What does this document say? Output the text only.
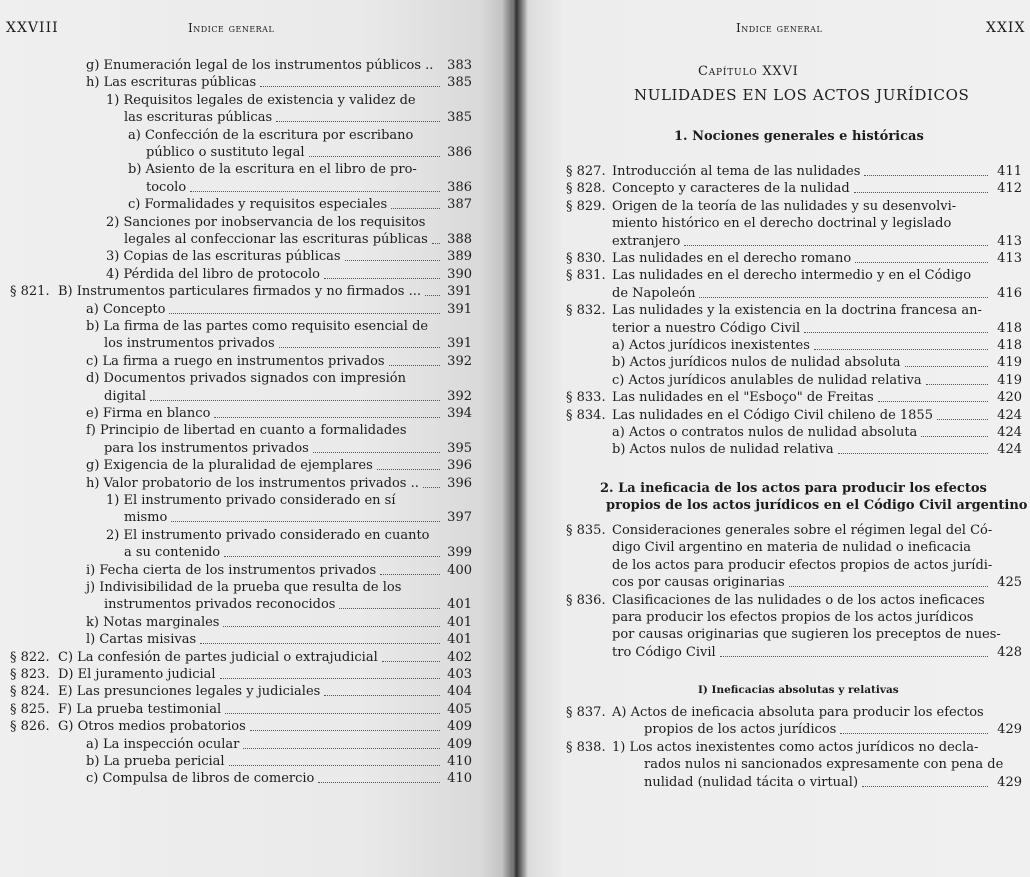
XXVIII	Indice general
g) Enumeración legal de los instrumentos públicos .. 383
h) Las escrituras públicas	385
1) Requisitos legales de existencia y validez de
las escrituras públicas	385
a) Confección de la escritura por escribano
público o sustituto legal	386
b) Asiento de la escritura en el libro de pro-
tocolo	386
c) Formalidades y requisitos especiales	387
2) Sanciones por inobservancia de los requisitos
legales al confeccionar las escrituras públicas 388
3) Copias de las escrituras públicas	389
4) Pérdida del libro de protocolo	390
§ 821. B) Instrumentos particulares firmados y no firmados ... 391
a) Concepto	391
b) La firma de las partes como requisito esencial de
los instrumentos privados	391
c) La firma a ruego en instrumentos privados	392
d) Documentos privados signados con impresión
digital	392
e) Firma en blanco	394
f) Principio de libertad en cuanto a formalidades
para los instrumentos privados	395
g) Exigencia de la pluralidad de ejemplares	396
h) Valor probatorio de los instrumentos privados .. 396
1) El instrumento privado considerado en sí
mismo	397
2) El instrumento privado considerado en cuanto
a su contenido	399
i) Fecha cierta de los instrumentos privados	400
j) Indivisibilidad de la prueba que resulta de los
instrumentos privados reconocidos	401
k) Notas marginales	401
l) Cartas misivas	401
§ 822. C) La confesión de partes judicial o extrajudicial	402
§ 823. D) El juramento judicial	403
§ 824. E) Las presunciones legales y judiciales	404
§ 825. F) La prueba testimonial	405
§ 826. G) Otros medios probatorios	409
a) La inspección ocular	409
b) La prueba pericial	410
c) Compulsa de libros de comercio	410
Indice general	XXIX
Capítulo XXVI
NULIDADES EN LOS ACTOS JURÍDICOS
1. Nociones generales e históricas
§ 827. Introducción al tema de las nulidades	411
§ 828. Concepto y caracteres de la nulidad	412
§ 829. Origen de la teoría de las nulidades y su desenvolvi-
miento histórico en el derecho doctrinal y legislado
extranjero	413
§ 830. Las nulidades en el derecho romano	413
§ 831. Las nulidades en el derecho intermedio y en el Código
de Napoleón	416
§ 832. Las nulidades y la existencia en la doctrina francesa an-
terior a nuestro Código Civil	418
a) Actos jurídicos inexistentes	418
b) Actos jurídicos nulos de nulidad absoluta	419
c) Actos jurídicos anulables de nulidad relativa	419
§ 833. Las nulidades en el "Esboço" de Freitas	420
§ 834. Las nulidades en el Código Civil chileno de 1855	424
a) Actos o contratos nulos de nulidad absoluta	424
b) Actos nulos de nulidad relativa	424
2. La ineficacia de los actos para producir los efectos
propios de los actos jurídicos en el Código Civil argentino
§ 835. Consideraciones generales sobre el régimen legal del Có-
digo Civil argentino en materia de nulidad o ineficacia
de los actos para producir efectos propios de actos jurídi-
cos por causas originarias	425
§ 836. Clasificaciones de las nulidades o de los actos ineficaces
para producir los efectos propios de los actos jurídicos
por causas originarias que sugieren los preceptos de nues-
tro Código Civil	428
I) Ineficacias absolutas y relativas
§ 837. A) Actos de ineficacia absoluta para producir los efectos
propios de los actos jurídicos	429
§ 838. 1) Los actos inexistentes como actos jurídicos no decla-
rados nulos ni sancionados expresamente con pena de
nulidad (nulidad tácita o virtual)	429
